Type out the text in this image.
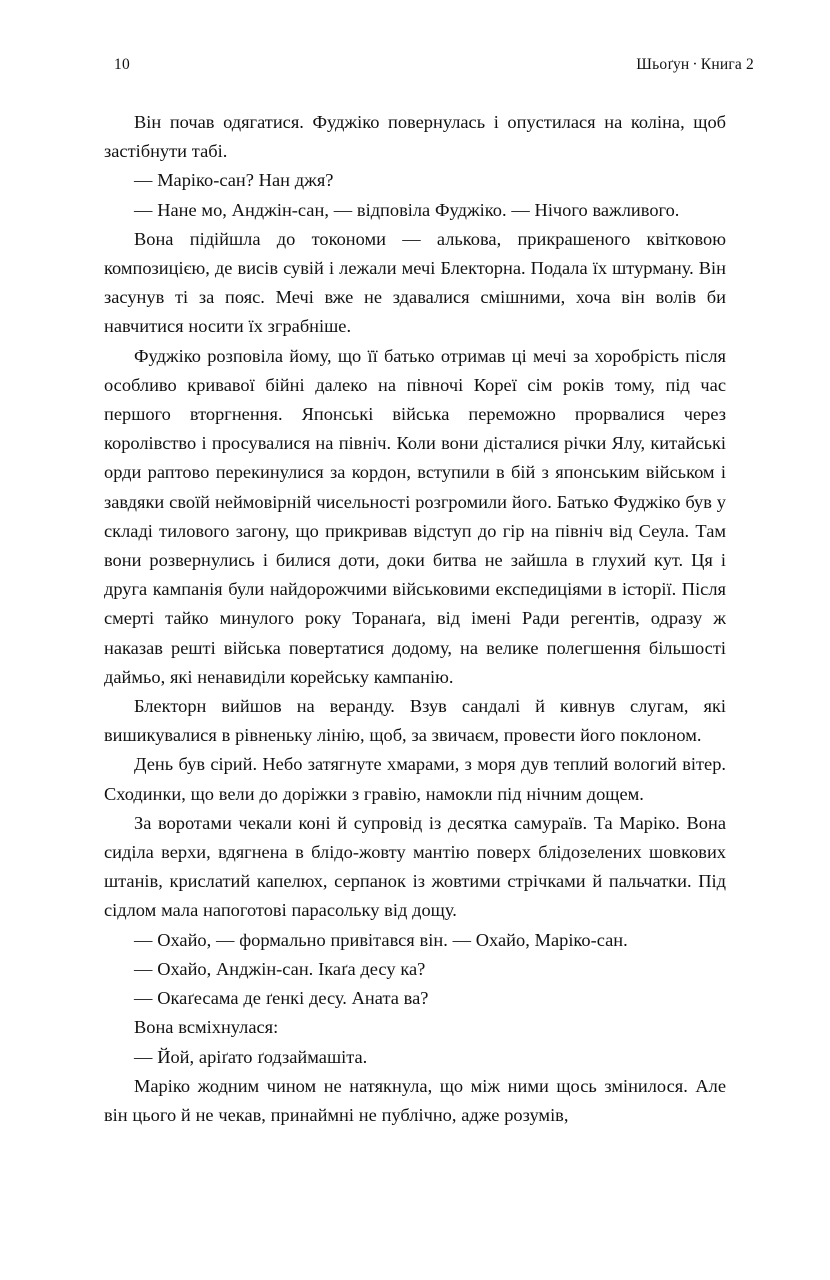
10	Шьоґун · Книга 2

Він почав одягатися. Фуджіко повернулась і опустилася на коліна, щоб застібнути табі.

— Маріко-сан? Нан джя?

— Нане мо, Анджін-сан, — відповіла Фуджіко. — Нічого важливого.

Вона підійшла до токономи — алькова, прикрашеного квітковою композицією, де висів сувій і лежали мечі Блекторна. Подала їх штурману. Він засунув ті за пояс. Мечі вже не здавалися смішними, хоча він волів би навчитися носити їх зграбніше.

Фуджіко розповіла йому, що її батько отримав ці мечі за хоробрість після особливо кривавої бійні далеко на півночі Кореї сім років тому, під час першого вторгнення. Японські війська переможно прорвалися через королівство і просувалися на північ. Коли вони дісталися річки Ялу, китайські орди раптово перекинулися за кордон, вступили в бій з японським військом і завдяки своїй неймовірній чисельності розгромили його. Батько Фуджіко був у складі тилового загону, що прикривав відступ до гір на північ від Сеула. Там вони розвернулись і билися доти, доки битва не зайшла в глухий кут. Ця і друга кампанія були найдорожчими військовими експедиціями в історії. Після смерті тайко минулого року Торанаґа, від імені Ради регентів, одразу ж наказав решті війська повертатися додому, на велике полегшення більшості даймьо, які ненавиділи корейську кампанію.

Блекторн вийшов на веранду. Взув сандалі й кивнув слугам, які вишикувалися в рівненьку лінію, щоб, за звичаєм, провести його поклоном.

День був сірий. Небо затягнуте хмарами, з моря дув теплий вологий вітер. Сходинки, що вели до доріжки з гравію, намокли під нічним дощем.

За воротами чекали коні й супровід із десятка самураїв. Та Маріко. Вона сиділа верхи, вдягнена в блідо-жовту мантію поверх блідозелених шовкових штанів, крислатий капелюх, серпанок із жовтими стрічками й пальчатки. Під сідлом мала напоготові парасольку від дощу.

— Охайо, — формально привітався він. — Охайо, Маріко-сан.

— Охайо, Анджін-сан. Ікаґа десу ка?

— Окаґесама де ґенкі десу. Аната ва?

Вона всміхнулася:

— Йой, аріґато ґодзаймашіта.

Маріко жодним чином не натякнула, що між ними щось змінилося. Але він цього й не чекав, принаймні не публічно, адже розумів,
